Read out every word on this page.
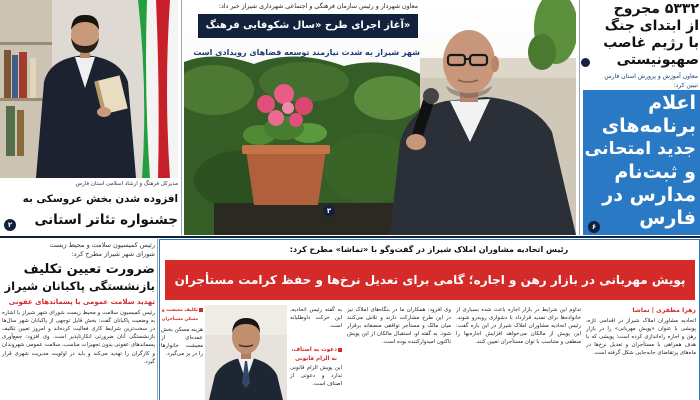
مدیرکل فرهنگ و ارشاد اسلامی استان فارس
افزوده شدن بخش عروسکی به
جشنواره تئاتر استانی
۲
معاون شهردار و رئیس سازمان فرهنگی و اجتماعی شهرداری شیراز خبر داد:
آغاز اجرای طرح «سال شکوفایی فرهنگ»
شهر شیراز به شدت نیازمند توسعه فضاهای رویدادی است
۳
۵۳۳۲ مجروح
از ابتدای جنگ
با رژیم غاصب
صهیونیستی
معاون آموزش و پرورش استان فارس
تبیین کرد:
اعلام
برنامه‌های
جدید امتحانی
و ثبت‌نام
مدارس در
فارس
۶
رئیس کمیسیون سلامت و محیط زیست
شورای شهر شیراز مطرح کرد:
ضرورت تعیین تکلیف
بازنشستگی پاکبانان شیراز
تهدید سلامت عمومی با پسماندهای عفونی
رئیس کمیسیون سلامت و محیط زیست شورای شهر شیراز با اشاره به وضعیت پاکبانان گفت: بخش قابل توجهی از پاکبانان شهر سال‌ها در سخت‌ترین شرایط کاری فعالیت کرده‌اند و امروز تعیین تکلیف بازنشستگی آنان ضرورتی انکارناپذیر است. وی افزود: جمع‌آوری پسماندهای عفونی بدون تجهیزات مناسب، سلامت عمومی شهروندان و کارگران را تهدید می‌کند و باید در اولویت مدیریت شهری قرار گیرد.
رئیس اتحادیه مشاوران املاک شیراز در گفت‌وگو با «تماشا» مطرح کرد:
پویش مهربانی در بازار رهن و اجاره؛ گامی برای تعدیل نرخ‌ها و حفظ کرامت مستأجران
تکلیف معیشت و
مسکن مستأجران
هزینه مسکن بخش عمده‌ای از معیشت خانوارها را در بر می‌گیرد.
به گفته رئیس اتحادیه، این حرکت داوطلبانه است.
دعوت به اصناف، نه الزام قانونی
این پویش الزام قانونی ندارد و دعوتی از اصناف است.
وی افزود: همکاران ما در بنگاه‌های املاک نیز در این طرح مشارکت دارند و تلاش می‌کنند میان مالک و مستأجر توافقی منصفانه برقرار شود. به گفته او، استقبال مالکان از این پویش تاکنون امیدوارکننده بوده است.
تداوم این شرایط در بازار اجاره باعث شده بسیاری از خانواده‌ها برای تمدید قرارداد با دشواری روبه‌رو شوند. رئیس اتحادیه مشاوران املاک شیراز در این باره گفت: این پویش از مالکان می‌خواهد افزایش اجاره‌بها را منطقی و متناسب با توان مستأجران تعیین کنند.
زهرا مظفری | تماشا
اتحادیه مشاوران املاک شیراز در اقدامی تازه، پویشی با عنوان «پویش مهربانی» را در بازار رهن و اجاره راه‌اندازی کرده است؛ پویشی که با هدف همراهی با مستأجران و تعدیل نرخ‌ها در ماه‌های پرتقاضای جابه‌جایی شکل گرفته است.
